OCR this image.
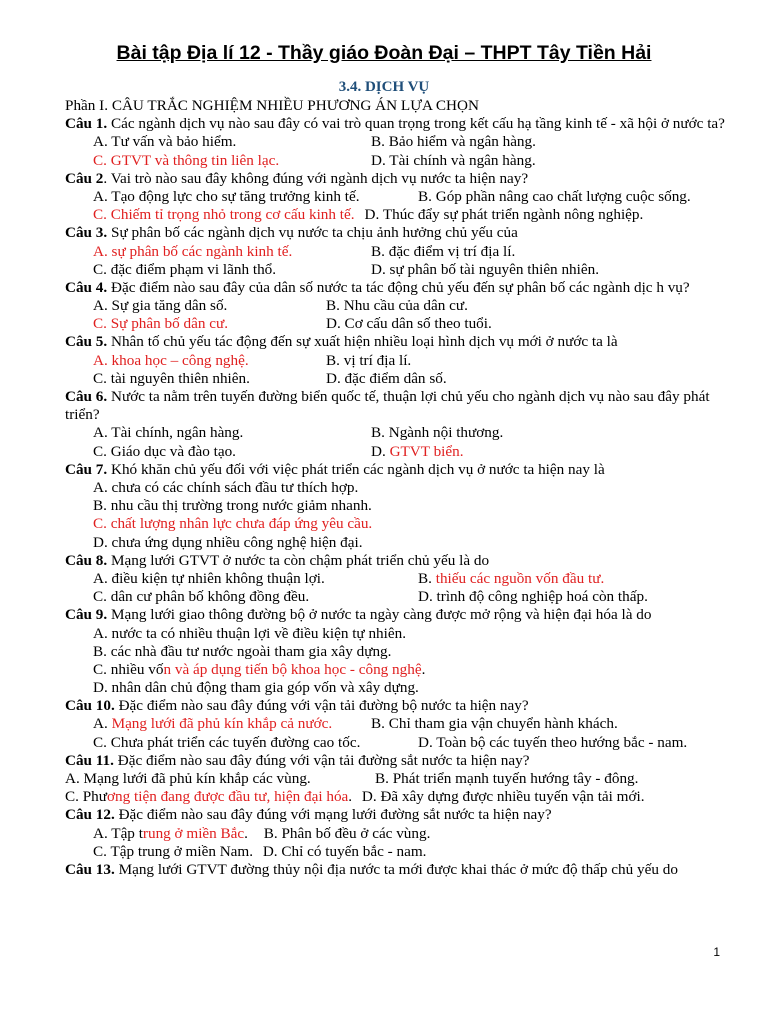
Bài tập Địa lí 12 - Thầy giáo Đoàn Đại – THPT Tây Tiền Hải
3.4. DỊCH VỤ
Phần I. CÂU TRẮC NGHIỆM NHIỀU PHƯƠNG ÁN LỰA CHỌN
Câu 1. Các ngành dịch vụ nào sau đây có vai trò quan trọng trong kết cấu hạ tầng kinh tế - xã hội ở nước ta?
A. Tư vấn và bảo hiểm.	B. Bảo hiểm và ngân hàng.
C. GTVT và thông tin liên lạc.	D. Tài chính và ngân hàng.
Câu 2. Vai trò nào sau đây không đúng với ngành dịch vụ nước ta hiện nay?
A. Tạo động lực cho sự tăng trưởng kinh tế.	B. Góp phần nâng cao chất lượng cuộc sống.
C. Chiếm tỉ trọng nhỏ trong cơ cấu kinh tế. D. Thúc đẩy sự phát triển ngành nông nghiệp.
Câu 3. Sự phân bố các ngành dịch vụ nước ta chịu ảnh hưởng chủ yếu của
A. sự phân bố các ngành kinh tế.	B. đặc điểm vị trí địa lí.
C. đặc điểm phạm vi lãnh thổ.	D. sự phân bố tài nguyên thiên nhiên.
Câu 4. Đặc điểm nào sau đây của dân số nước ta tác động chủ yếu đến sự phân bố các ngành dịc h vụ?
A. Sự gia tăng dân số.	B. Nhu cầu của dân cư.
C. Sự phân bố dân cư.	D. Cơ cấu dân số theo tuổi.
Câu 5. Nhân tố chủ yếu tác động đến sự xuất hiện nhiều loại hình dịch vụ mới ở nước ta là
A. khoa học – công nghệ.	B. vị trí địa lí.
C. tài nguyên thiên nhiên.	D. đặc điểm dân số.
Câu 6. Nước ta nằm trên tuyến đường biển quốc tế, thuận lợi chủ yếu cho ngành dịch vụ nào sau đây phát triển?
A. Tài chính, ngân hàng.	B. Ngành nội thương.
C. Giáo dục và đào tạo.	D. GTVT biển.
Câu 7. Khó khăn chủ yếu đối với việc phát triển các ngành dịch vụ ở nước ta hiện nay là
A. chưa có các chính sách đầu tư thích hợp.
B. nhu cầu thị trường trong nước giảm nhanh.
C. chất lượng nhân lực chưa đáp ứng yêu cầu.
D. chưa ứng dụng nhiều công nghệ hiện đại.
Câu 8. Mạng lưới GTVT ở nước ta còn chậm phát triển chủ yếu là do
A. điều kiện tự nhiên không thuận lợi.	B. thiếu các nguồn vốn đầu tư.
C. dân cư phân bố không đồng đều.	D. trình độ công nghiệp hoá còn thấp.
Câu 9. Mạng lưới giao thông đường bộ ở nước ta ngày càng được mở rộng và hiện đại hóa là do
A. nước ta có nhiều thuận lợi về điều kiện tự nhiên.
B. các nhà đầu tư nước ngoài tham gia xây dựng.
C. nhiều vốn và áp dụng tiến bộ khoa học - công nghệ.
D. nhân dân chủ động tham gia góp vốn và xây dựng.
Câu 10. Đặc điểm nào sau đây đúng với vận tải đường bộ nước ta hiện nay?
A. Mạng lưới đã phủ kín khắp cả nước.	B. Chỉ tham gia vận chuyển hành khách.
C. Chưa phát triển các tuyến đường cao tốc.	D. Toàn bộ các tuyến theo hướng bắc - nam.
Câu 11. Đặc điểm nào sau đây đúng với vận tải đường sắt nước ta hiện nay?
A. Mạng lưới đã phủ kín khắp các vùng.	B. Phát triển mạnh tuyến hướng tây - đông.
C. Phương tiện đang được đầu tư, hiện đại hóa. D. Đã xây dựng được nhiều tuyến vận tải mới.
Câu 12. Đặc điểm nào sau đây đúng với mạng lưới đường sắt nước ta hiện nay?
A. Tập trung ở miền Bắc. B. Phân bố đều ở các vùng.
C. Tập trung ở miền Nam. D. Chỉ có tuyến bắc - nam.
Câu 13. Mạng lưới GTVT đường thủy nội địa nước ta mới được khai thác ở mức độ thấp chủ yếu do
1
